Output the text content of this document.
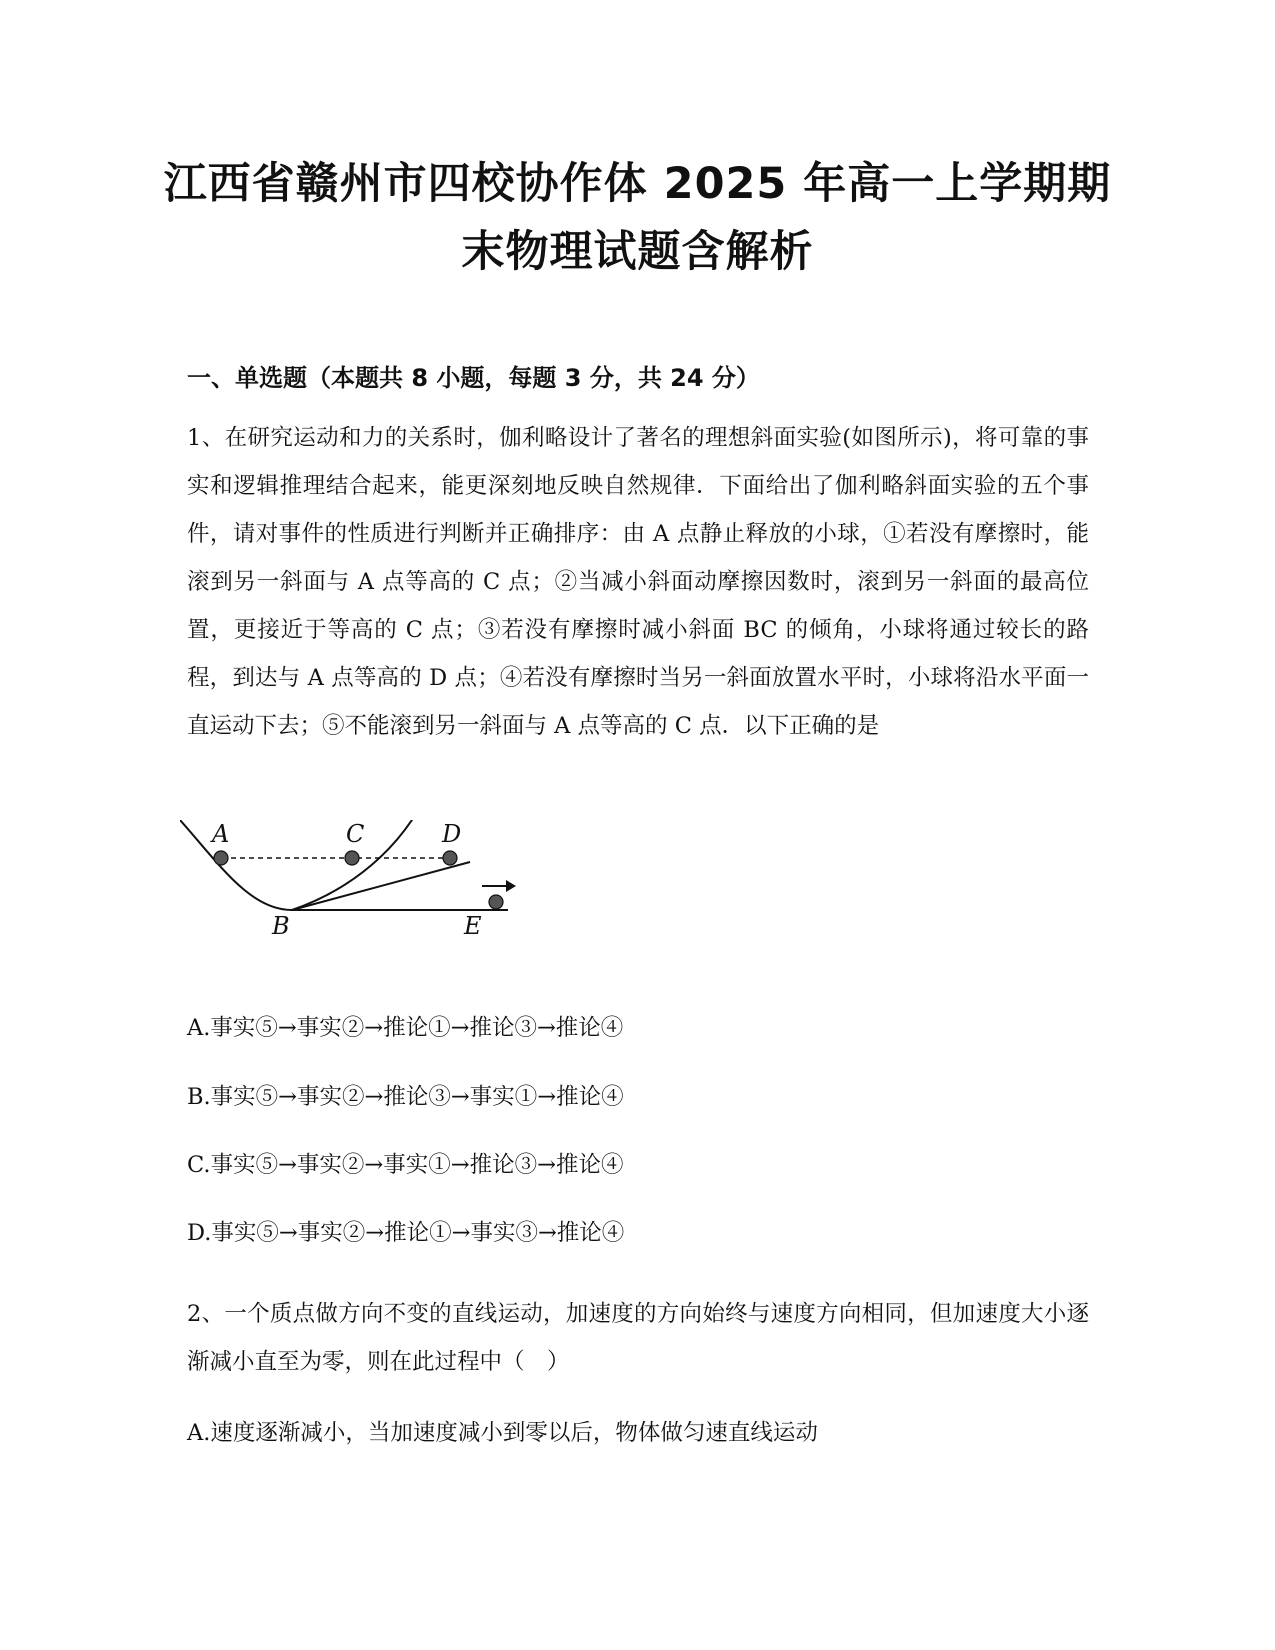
江西省赣州市四校协作体 2025 年高一上学期期末物理试题含解析
一、单选题（本题共 8 小题，每题 3 分，共 24 分）
1、在研究运动和力的关系时，伽利略设计了著名的理想斜面实验(如图所示)，将可靠的事实和逻辑推理结合起来，能更深刻地反映自然规律．下面给出了伽利略斜面实验的五个事件，请对事件的性质进行判断并正确排序：由 A 点静止释放的小球，①若没有摩擦时，能滚到另一斜面与 A 点等高的 C 点；②当减小斜面动摩擦因数时，滚到另一斜面的最高位置，更接近于等高的 C 点；③若没有摩擦时减小斜面 BC 的倾角，小球将通过较长的路程，到达与 A 点等高的 D 点；④若没有摩擦时当另一斜面放置水平时，小球将沿水平面一直运动下去；⑤不能滚到另一斜面与 A 点等高的 C 点．以下正确的是
A	C	D
B	E
A.事实⑤→事实②→推论①→推论③→推论④
B.事实⑤→事实②→推论③→事实①→推论④
C.事实⑤→事实②→事实①→推论③→推论④
D.事实⑤→事实②→推论①→事实③→推论④
2、一个质点做方向不变的直线运动，加速度的方向始终与速度方向相同，但加速度大小逐渐减小直至为零，则在此过程中（　）
A.速度逐渐减小，当加速度减小到零以后，物体做匀速直线运动
